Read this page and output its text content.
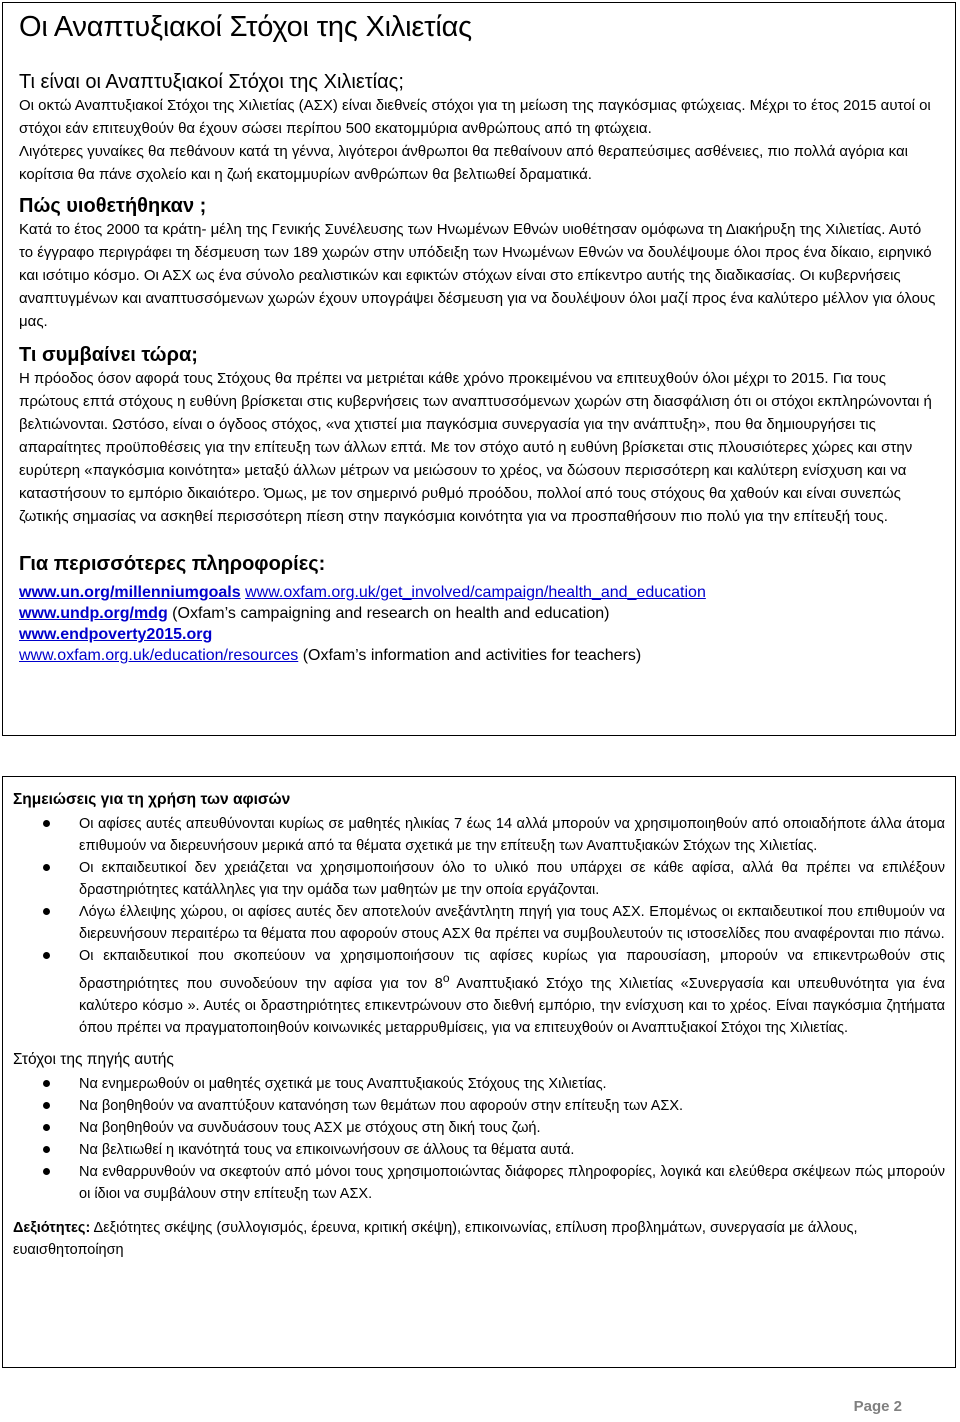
Οι Αναπτυξιακοί Στόχοι της Χιλιετίας
Τι είναι οι Αναπτυξιακοί Στόχοι της Χιλιετίας;
Οι οκτώ Αναπτυξιακοί Στόχοι της Χιλιετίας (ΑΣΧ) είναι διεθνείς στόχοι για τη μείωση της παγκόσμιας φτώχειας. Μέχρι το έτος 2015 αυτοί οι στόχοι εάν επιτευχθούν θα έχουν σώσει περίπου 500 εκατομμύρια ανθρώπους από τη φτώχεια.
Λιγότερες γυναίκες θα πεθάνουν κατά τη γέννα, λιγότεροι άνθρωποι θα πεθαίνουν από θεραπεύσιμες ασθένειες, πιο πολλά αγόρια και κορίτσια θα πάνε σχολείο και η ζωή εκατομμυρίων ανθρώπων θα βελτιωθεί δραματικά.
Πώς υιοθετήθηκαν ;
Κατά το έτος 2000 τα κράτη- μέλη της Γενικής Συνέλευσης των Ηνωμένων Εθνών υιοθέτησαν ομόφωνα τη Διακήρυξη της Χιλιετίας. Αυτό το έγγραφο περιγράφει τη δέσμευση των 189 χωρών στην υπόδειξη των Ηνωμένων Εθνών να δουλέψουμε όλοι προς ένα δίκαιο, ειρηνικό και ισότιμο κόσμο. Οι ΑΣΧ ως ένα σύνολο ρεαλιστικών και εφικτών στόχων είναι στο επίκεντρο αυτής της διαδικασίας. Οι κυβερνήσεις αναπτυγμένων και αναπτυσσόμενων χωρών έχουν υπογράψει δέσμευση για να δουλέψουν όλοι μαζί προς ένα καλύτερο μέλλον για όλους μας.
Τι συμβαίνει τώρα;
Η πρόοδος όσον αφορά τους Στόχους θα πρέπει να μετριέται κάθε χρόνο προκειμένου να επιτευχθούν όλοι μέχρι το 2015. Για τους πρώτους επτά στόχους η ευθύνη βρίσκεται στις κυβερνήσεις των αναπτυσσόμενων χωρών στη διασφάλιση ότι οι στόχοι εκπληρώνονται ή βελτιώνονται. Ωστόσο, είναι ο όγδοος στόχος, «να χτιστεί μια παγκόσμια συνεργασία για την ανάπτυξη», που θα δημιουργήσει τις απαραίτητες προϋποθέσεις για την επίτευξη των άλλων επτά. Με τον στόχο αυτό η ευθύνη βρίσκεται στις πλουσιότερες χώρες και στην ευρύτερη «παγκόσμια κοινότητα» μεταξύ άλλων μέτρων να μειώσουν το χρέος, να δώσουν περισσότερη και καλύτερη ενίσχυση και να καταστήσουν το εμπόριο δικαιότερο. Όμως, με τον σημερινό ρυθμό προόδου, πολλοί από τους στόχους θα χαθούν και είναι συνεπώς ζωτικής σημασίας να ασκηθεί περισσότερη πίεση στην παγκόσμια κοινότητα για να προσπαθήσουν πιο πολύ για την επίτευξή τους.
Για περισσότερες πληροφορίες:
www.un.org/millenniumgoals www.oxfam.org.uk/get_involved/campaign/health_and_education
www.undp.org/mdg (Oxfam’s campaigning and research on health and education)
www.endpoverty2015.org
www.oxfam.org.uk/education/resources (Oxfam’s information and activities for teachers)
Σημειώσεις για τη χρήση των αφισών
Οι αφίσες αυτές απευθύνονται κυρίως σε μαθητές ηλικίας 7 έως 14 αλλά μπορούν να χρησιμοποιηθούν από οποιαδήποτε άλλα άτομα επιθυμούν να διερευνήσουν μερικά από τα θέματα σχετικά με την επίτευξη των Αναπτυξιακών Στόχων της Χιλιετίας.
Οι εκπαιδευτικοί δεν χρειάζεται να χρησιμοποιήσουν όλο το υλικό που υπάρχει σε κάθε αφίσα, αλλά θα πρέπει να επιλέξουν δραστηριότητες κατάλληλες για την ομάδα των μαθητών με την οποία εργάζονται.
Λόγω έλλειψης χώρου, οι αφίσες αυτές δεν αποτελούν ανεξάντλητη πηγή για τους ΑΣΧ. Επομένως οι εκπαιδευτικοί που επιθυμούν να διερευνήσουν περαιτέρω τα θέματα που αφορούν στους ΑΣΧ θα πρέπει να συμβουλευτούν τις ιστοσελίδες που αναφέρονται πιο πάνω.
Οι εκπαιδευτικοί που σκοπεύουν να χρησιμοποιήσουν τις αφίσες κυρίως για παρουσίαση, μπορούν να επικεντρωθούν στις δραστηριότητες που συνοδεύουν την αφίσα για τον $8^o$ Αναπτυξιακό Στόχο της Χιλιετίας «Συνεργασία και υπευθυνότητα για ένα καλύτερο κόσμο ». Αυτές οι δραστηριότητες επικεντρώνουν στο διεθνή εμπόριο, την ενίσχυση και το χρέος. Είναι παγκόσμια ζητήματα όπου πρέπει να πραγματοποιηθούν κοινωνικές μεταρρυθμίσεις, για να επιτευχθούν οι Αναπτυξιακοί Στόχοι της Χιλιετίας.
Στόχοι της πηγής αυτής
Να ενημερωθούν οι μαθητές σχετικά με τους Αναπτυξιακούς Στόχους της Χιλιετίας.
Να βοηθηθούν να αναπτύξουν κατανόηση των θεμάτων που αφορούν στην επίτευξη των ΑΣΧ.
Να βοηθηθούν να συνδυάσουν τους ΑΣΧ με στόχους στη δική τους ζωή.
Να βελτιωθεί η ικανότητά τους να επικοινωνήσουν σε άλλους τα θέματα αυτά.
Να ενθαρρυνθούν να σκεφτούν από μόνοι τους χρησιμοποιώντας διάφορες πληροφορίες, λογικά και ελεύθερα σκέψεων πώς μπορούν οι ίδιοι να συμβάλουν στην επίτευξη των ΑΣΧ.
Δεξιότητες: Δεξιότητες σκέψης (συλλογισμός, έρευνα, κριτική σκέψη), επικοινωνίας, επίλυση προβλημάτων, συνεργασία με άλλους, ευαισθητοποίηση
Page 2
